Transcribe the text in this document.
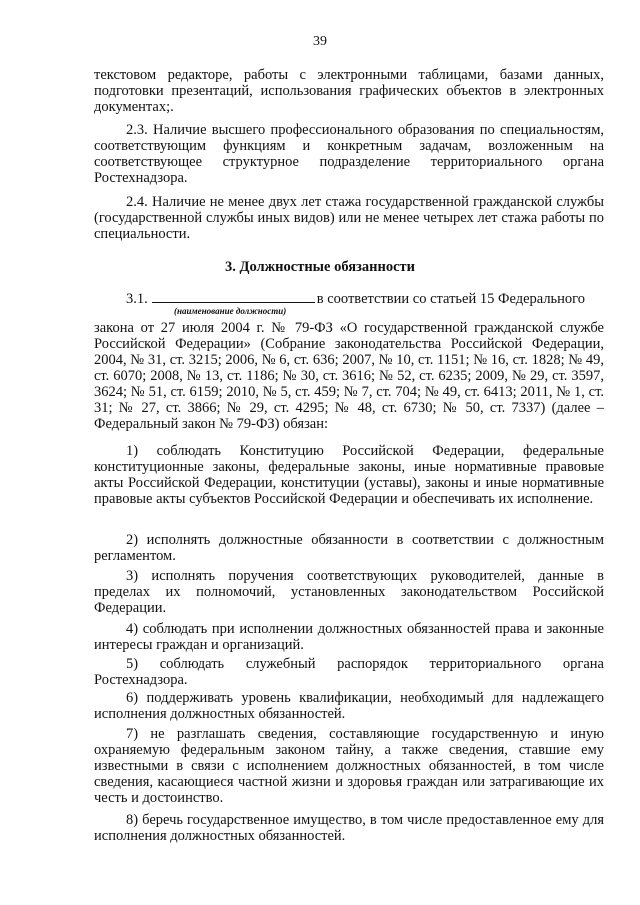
39
текстовом редакторе, работы с электронными таблицами, базами данных, подготовки презентаций, использования графических объектов в электронных документах;.
2.3. Наличие высшего профессионального образования по специальностям, соответствующим функциям и конкретным задачам, возложенным на соответствующее структурное подразделение территориального органа Ростехнадзора.
2.4. Наличие не менее двух лет стажа государственной гражданской службы (государственной службы иных видов) или не менее четырех лет стажа работы по специальности.
3. Должностные обязанности
3.1.	в соответствии со статьей 15 Федерального
(наименование должности)
закона от 27 июля 2004 г. № 79-ФЗ «О государственной гражданской службе Российской Федерации» (Собрание законодательства Российской Федерации, 2004, № 31, ст. 3215; 2006, № 6, ст. 636; 2007, № 10, ст. 1151; № 16, ст. 1828; № 49, ст. 6070; 2008, № 13, ст. 1186; № 30, ст. 3616; № 52, ст. 6235; 2009, № 29, ст. 3597, 3624; № 51, ст. 6159; 2010, № 5, ст. 459; № 7, ст. 704; № 49, ст. 6413; 2011, № 1, ст. 31; № 27, ст. 3866; № 29, ст. 4295; № 48, ст. 6730; № 50, ст. 7337) (далее – Федеральный закон № 79-ФЗ) обязан:
1) соблюдать Конституцию Российской Федерации, федеральные конституционные законы, федеральные законы, иные нормативные правовые акты Российской Федерации, конституции (уставы), законы и иные нормативные правовые акты субъектов Российской Федерации и обеспечивать их исполнение.
2) исполнять должностные обязанности в соответствии с должностным регламентом.
3) исполнять поручения соответствующих руководителей, данные в пределах их полномочий, установленных законодательством Российской Федерации.
4) соблюдать при исполнении должностных обязанностей права и законные интересы граждан и организаций.
5) соблюдать служебный распорядок территориального органа Ростехнадзора.
6) поддерживать уровень квалификации, необходимый для надлежащего исполнения должностных обязанностей.
7) не разглашать сведения, составляющие государственную и иную охраняемую федеральным законом тайну, а также сведения, ставшие ему известными в связи с исполнением должностных обязанностей, в том числе сведения, касающиеся частной жизни и здоровья граждан или затрагивающие их честь и достоинство.
8) беречь государственное имущество, в том числе предоставленное ему для исполнения должностных обязанностей.
